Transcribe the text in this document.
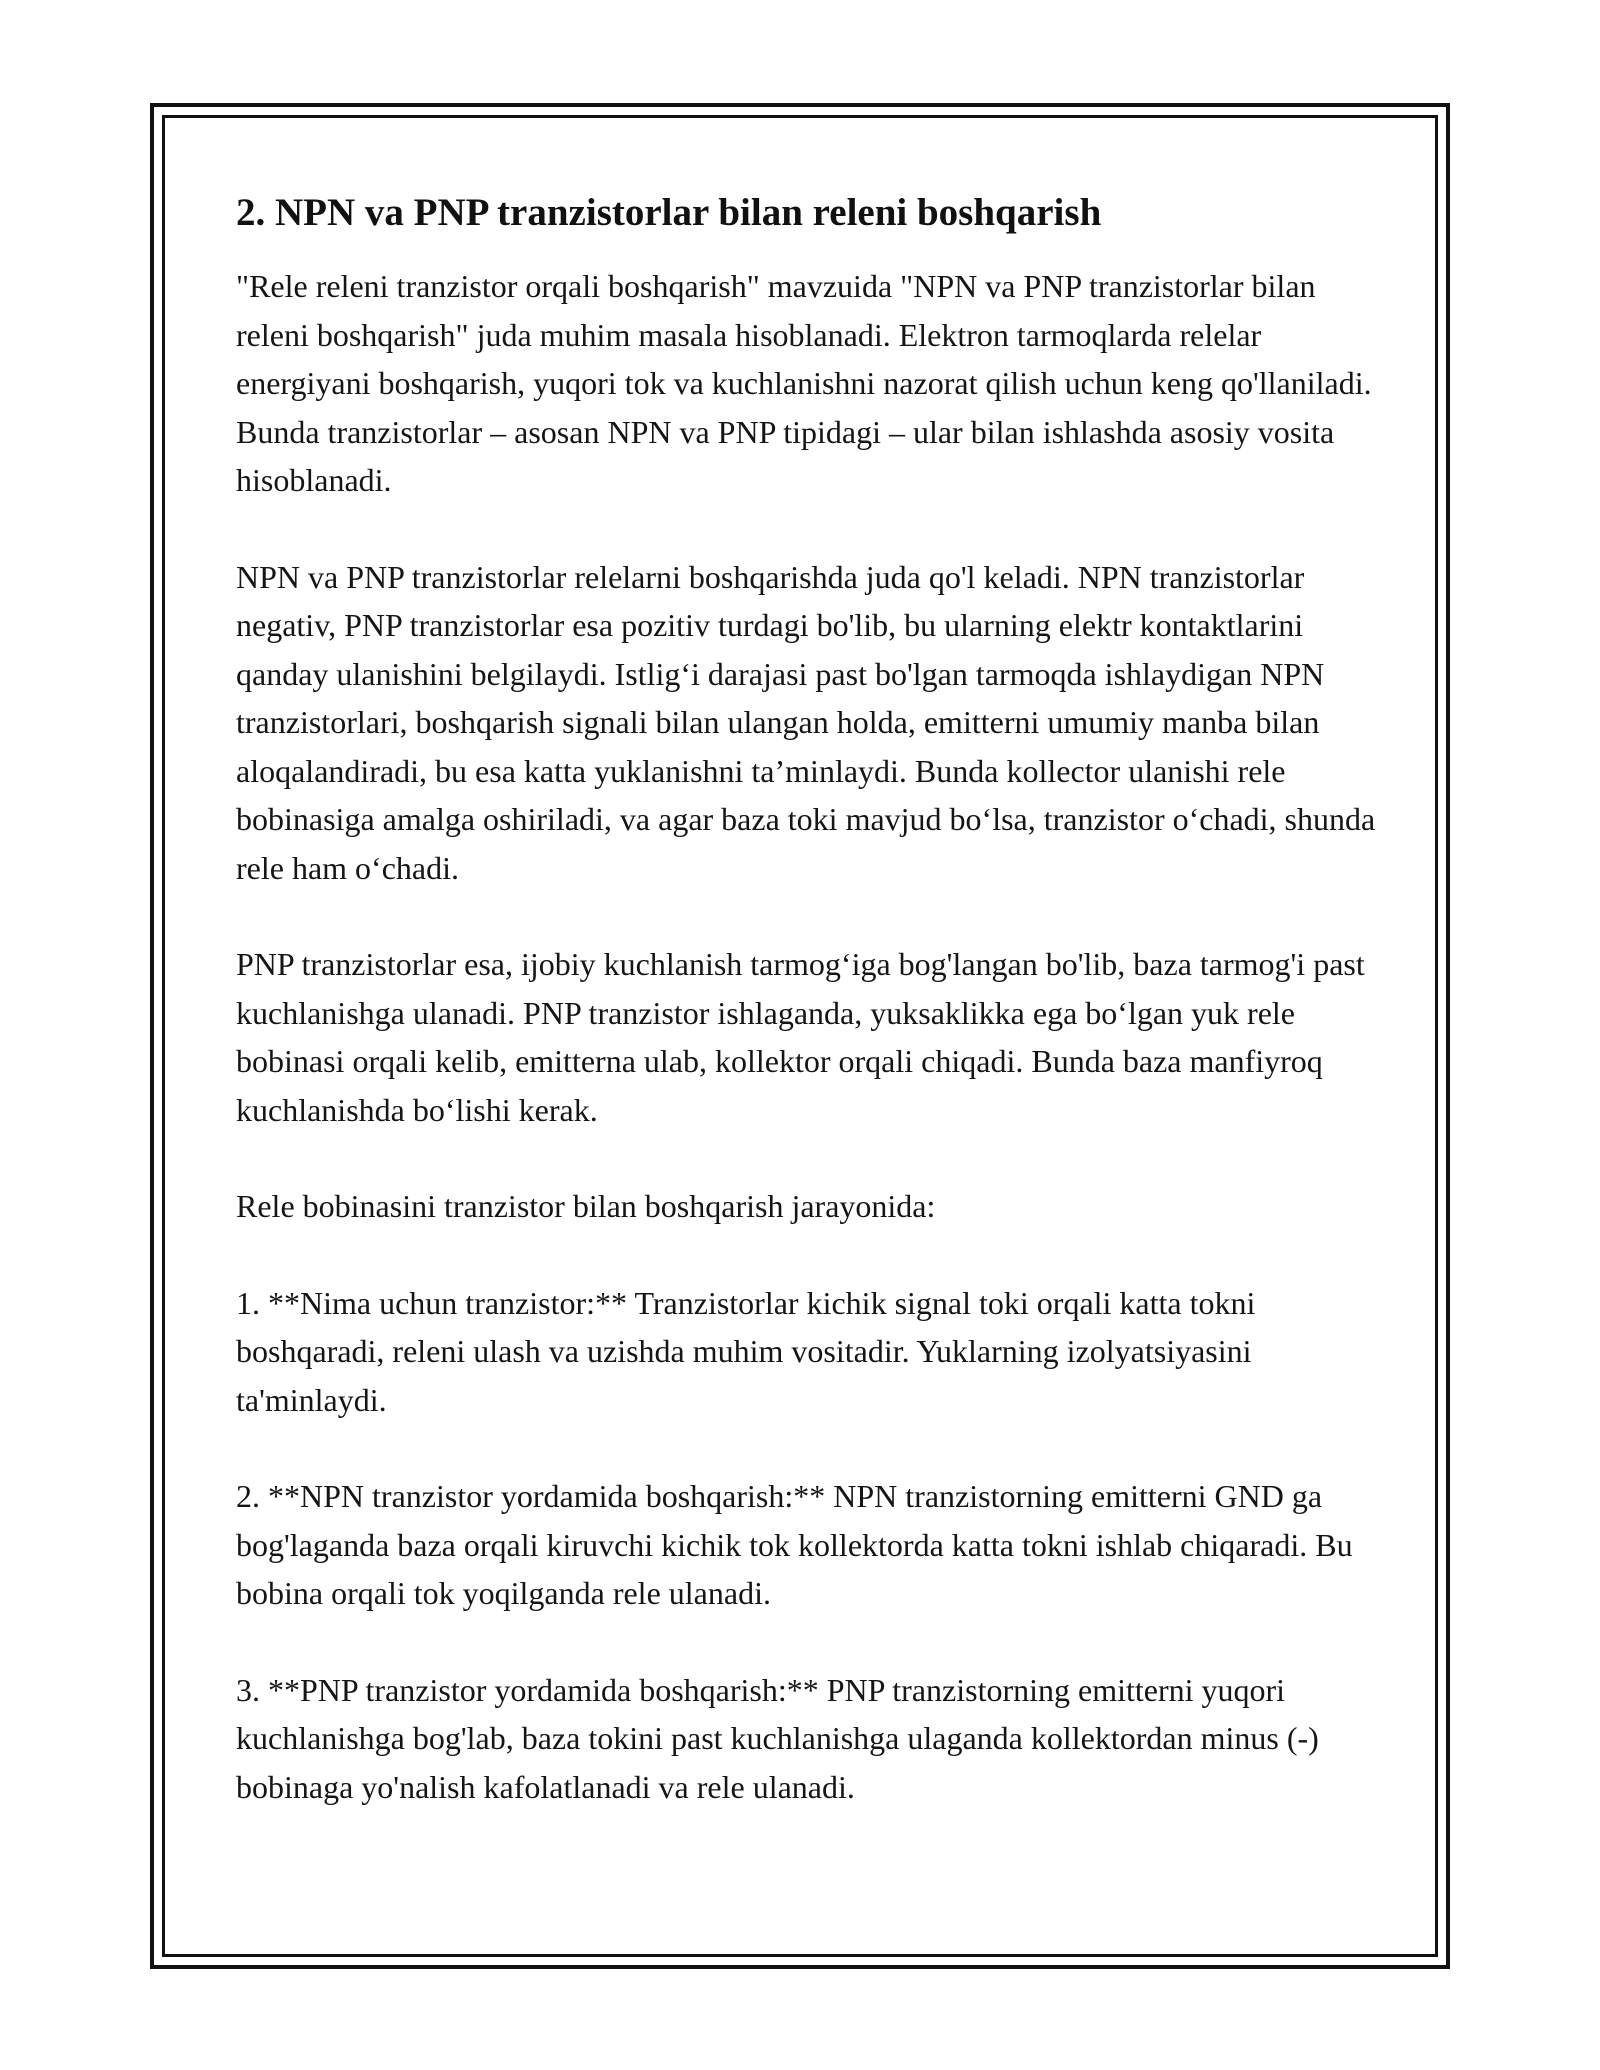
2. NPN va PNP tranzistorlar bilan releni boshqarish

"Rele releni tranzistor orqali boshqarish" mavzuida "NPN va PNP tranzistorlar bilan releni boshqarish" juda muhim masala hisoblanadi. Elektron tarmoqlarda relelar energiyani boshqarish, yuqori tok va kuchlanishni nazorat qilish uchun keng qo'llaniladi. Bunda tranzistorlar – asosan NPN va PNP tipidagi – ular bilan ishlashda asosiy vosita hisoblanadi.

NPN va PNP tranzistorlar relelarni boshqarishda juda qo'l keladi. NPN tranzistorlar negativ, PNP tranzistorlar esa pozitiv turdagi bo'lib, bu ularning elektr kontaktlarini qanday ulanishini belgilaydi. Istlig‘i darajasi past bo'lgan tarmoqda ishlaydigan NPN tranzistorlari, boshqarish signali bilan ulangan holda, emitterni umumiy manba bilan aloqalandiradi, bu esa katta yuklanishni ta’minlaydi. Bunda kollector ulanishi rele bobinasiga amalga oshiriladi, va agar baza toki mavjud bo‘lsa, tranzistor o‘chadi, shunda rele ham o‘chadi.

PNP tranzistorlar esa, ijobiy kuchlanish tarmog‘iga bog'langan bo'lib, baza tarmog'i past kuchlanishga ulanadi. PNP tranzistor ishlaganda, yuksaklikka ega bo‘lgan yuk rele bobinasi orqali kelib, emitterna ulab, kollektor orqali chiqadi. Bunda baza manfiyroq kuchlanishda bo‘lishi kerak.

Rele bobinasini tranzistor bilan boshqarish jarayonida:

1. **Nima uchun tranzistor:** Tranzistorlar kichik signal toki orqali katta tokni boshqaradi, releni ulash va uzishda muhim vositadir. Yuklarning izolyatsiyasini ta'minlaydi.

2. **NPN tranzistor yordamida boshqarish:** NPN tranzistorning emitterni GND ga bog'laganda baza orqali kiruvchi kichik tok kollektorda katta tokni ishlab chiqaradi. Bu bobina orqali tok yoqilganda rele ulanadi.

3. **PNP tranzistor yordamida boshqarish:** PNP tranzistorning emitterni yuqori kuchlanishga bog'lab, baza tokini past kuchlanishga ulaganda kollektordan minus (-) bobinaga yo'nalish kafolatlanadi va rele ulanadi.
